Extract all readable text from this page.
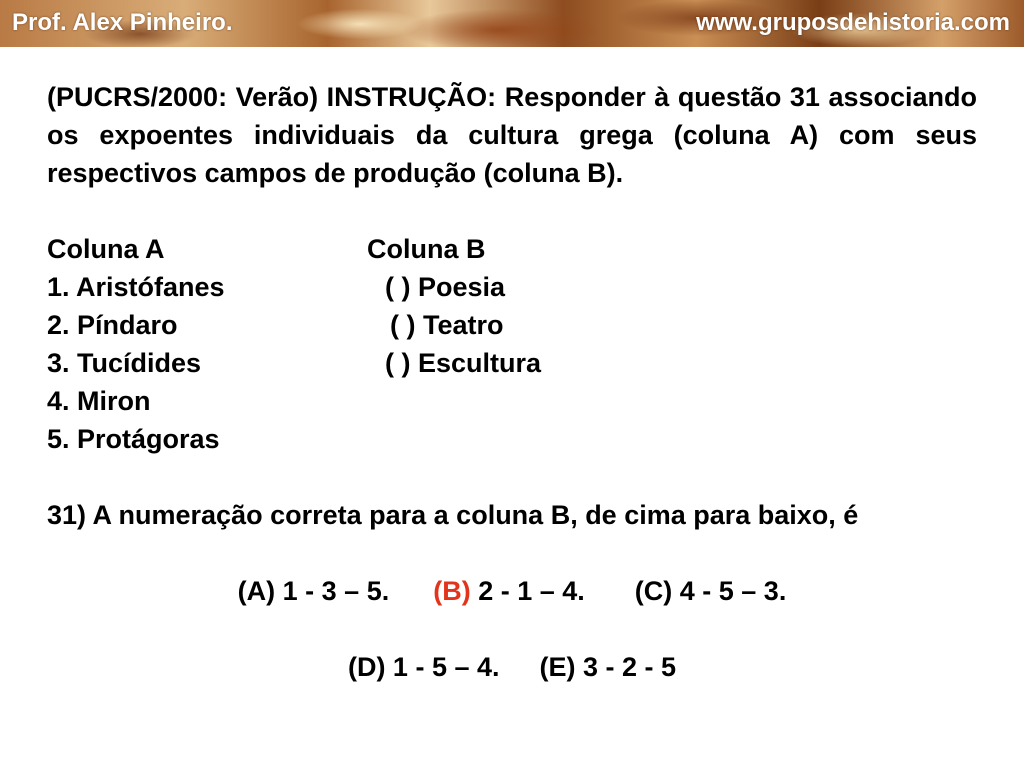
Prof. Alex Pinheiro.	www.gruposdehistoria.com

(PUCRS/2000: Verão) INSTRUÇÃO: Responder à questão 31 associando os expoentes individuais da cultura grega (coluna A) com seus respectivos campos de produção (coluna B).

Coluna A	Coluna B
1. Aristófanes	( ) Poesia
2. Píndaro	( ) Teatro
3. Tucídides	( ) Escultura
4. Miron
5. Protágoras

31) A numeração correta para a coluna B, de cima para baixo, é

(A) 1 - 3 – 5. (B) 2 - 1 – 4. (C) 4 - 5 – 3.
(D) 1 - 5 – 4. (E) 3 - 2 - 5
